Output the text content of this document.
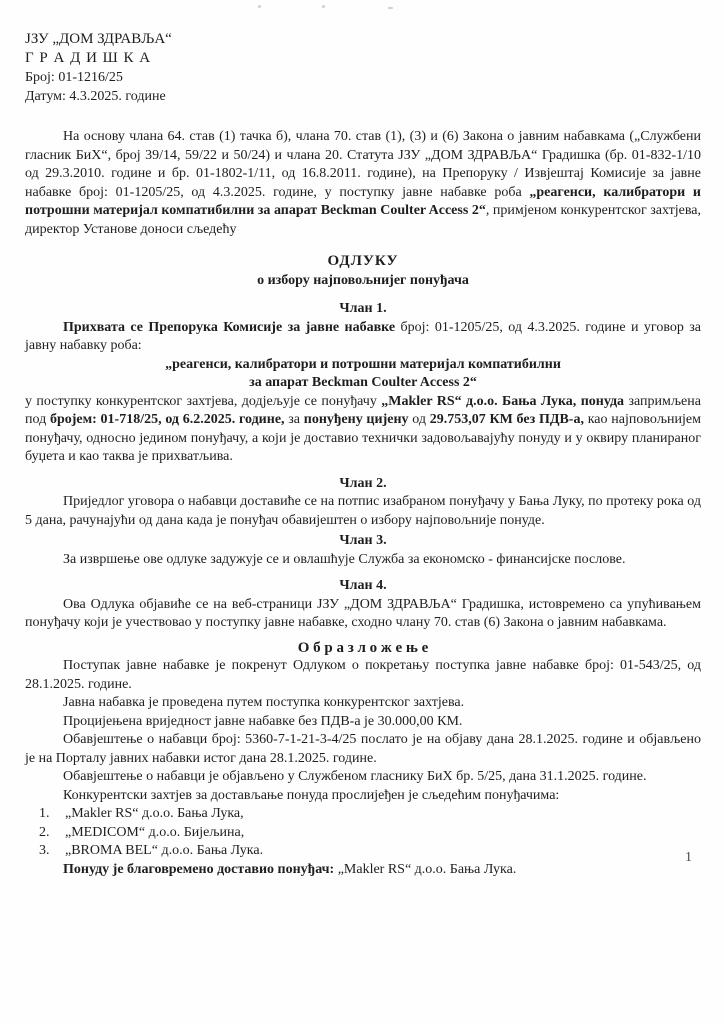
ЈЗУ „ДОМ ЗДРАВЉА“
Г Р А Д И Ш К А
Број: 01-1216/25
Датум: 4.3.2025. године

На основу члана 64. став (1) тачка б), члана 70. став (1), (3) и (6) Закона о јавним набавкама („Службени гласник БиХ“, број 39/14, 59/22 и 50/24) и члана 20. Статута ЈЗУ „ДОМ ЗДРАВЉА“ Градишка (бр. 01-832-1/10 од 29.3.2010. године и бр. 01-1802-1/11, од 16.8.2011. године), на Препоруку / Извјештај Комисије за јавне набавке број: 01-1205/25, од 4.3.2025. године, у поступку јавне набавке роба „реагенси, калибратори и потрошни материјал компатибилни за апарат Beckman Coulter Access 2“, примјеном конкурентског захтјева, директор Установе доноси сљедећу

ОДЛУКУ
о избору најповољнијег понуђача
Члан 1.

Прихвата се Препорука Комисије за јавне набавке број: 01-1205/25, од 4.3.2025. године и уговор за јавну набавку роба:

„реагенси, калибратори и потрошни материјал компатибилни
за апарат Beckman Coulter Access 2“

у поступку конкурентског захтјева, додјељује се понуђачу „Makler RS“ д.о.о. Бања Лука, понуда запримљена под бројем: 01-718/25, од 6.2.2025. године, за понуђену цијену од 29.753,07 КМ без ПДВ-а, као најповољнијем понуђачу, односно једином понуђачу, а који је доставио технички задовољавајућу понуду и у оквиру планираног буџета и као таква је прихватљива.

Члан 2.

Приједлог уговора о набавци доставиће се на потпис изабраном понуђачу у Бања Луку, по протеку рока од 5 дана, рачунајући од дана када је понуђач обавијештен о избору најповољније понуде.

Члан 3.

За извршење ове одлуке задужује се и овлашћује Служба за економско - финансијске послове.

Члан 4.

Ова Одлука објавиће се на веб-страници ЈЗУ „ДОМ ЗДРАВЉА“ Градишка, истовремено са упућивањем понуђачу који је учествовао у поступку јавне набавке, сходно члану 70. став (6) Закона о јавним набавкама.

О б р а з л о ж е њ е

Поступак јавне набавке је покренут Одлуком о покретању поступка јавне набавке број: 01-543/25, од 28.1.2025. године.

Јавна набавка је проведена путем поступка конкурентског захтјева.

Процијењена вриједност јавне набавке без ПДВ-а је 30.000,00 КМ.

Обавјештење о набавци број: 5360-7-1-21-3-4/25 послато је на објаву дана 28.1.2025. године и објављено је на Порталу јавних набавки истог дана 28.1.2025. године.

Обавјештење о набавци је објављено у Службеном гласнику БиХ бр. 5/25, дана 31.1.2025. године.

Конкурентски захтјев за достављање понуда прослијеђен је сљедећим понуђачима:

1.	„Makler RS“ д.о.о. Бања Лука,
2.	„MEDICOM“ д.о.о. Бијељина,
3.	„BROMA BEL“ д.о.о. Бања Лука.

Понуду је благовремено доставио понуђач: „Makler RS“ д.о.о. Бања Лука.

1
